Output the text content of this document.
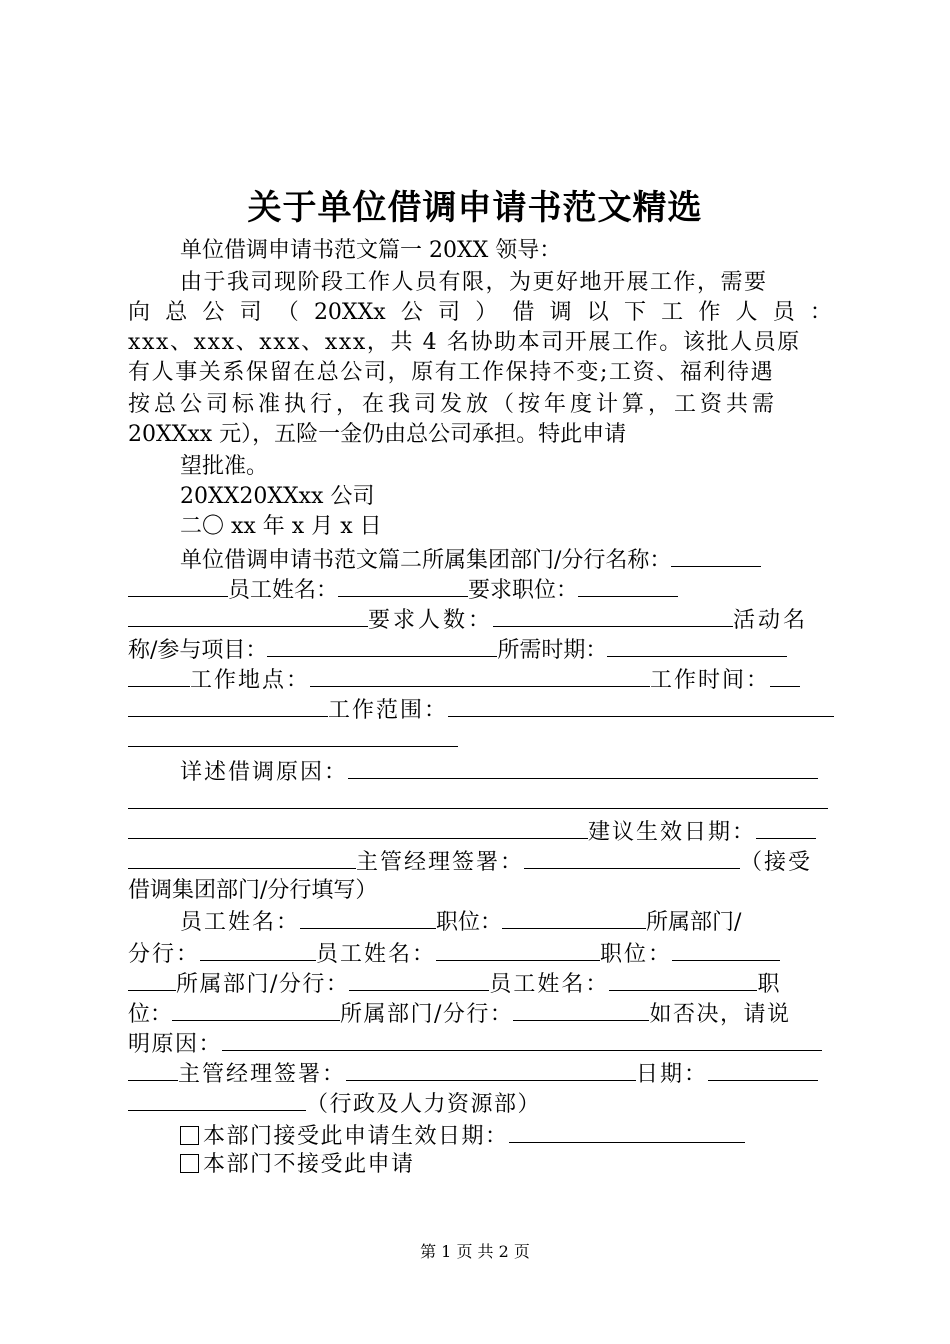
关于单位借调申请书范文精选
单位借调申请书范文篇一 20XX 领导：
由于我司现阶段工作人员有限，为更好地开展工作，需要
向 总 公 司 （ 20XXx 公 司 ） 借 调 以 下 工 作 人 员 ：
xxx、xxx、xxx、xxx，共 4 名协助本司开展工作。该批人员原
有人事关系保留在总公司，原有工作保持不变;工资、福利待遇
按总公司标准执行，在我司发放（按年度计算，工资共需
20XXxx 元），五险一金仍由总公司承担。特此申请
望批准。
20XX20XXxx 公司
二〇 xx 年 x 月 x 日
单位借调申请书范文篇二所属集团部门/分行名称：
员工姓名：	要求职位：
要求人数：	活动名
称/参与项目：	所需时期：
工作地点：	工作时间：
工作范围：
详述借调原因：
建议生效日期：
主管经理签署：	（接受
借调集团部门/分行填写）
员工姓名：	职位：	所属部门/
分行：	员工姓名：	职位：
所属部门/分行：	员工姓名：	职
位：	所属部门/分行：	如否决，请说
明原因：
主管经理签署：	日期：
（行政及人力资源部）
本部门接受此申请生效日期：
本部门不接受此申请
第 1 页 共 2 页
